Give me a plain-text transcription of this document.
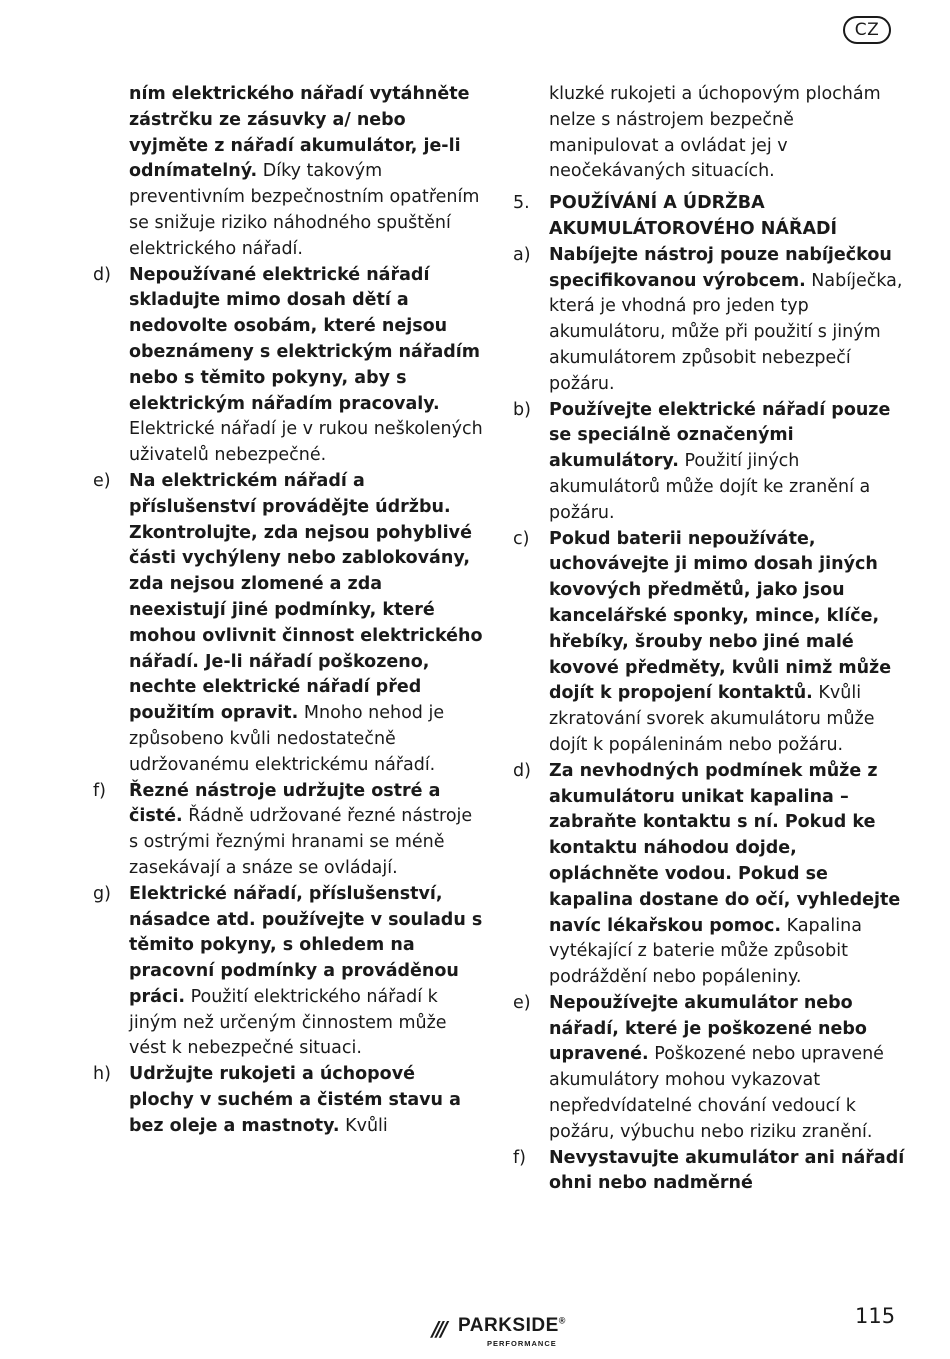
CZ

ním elektrického nářadí vytáhněte zástrčku ze zásuvky a/ nebo vyjměte z nářadí akumulátor, je-li odnímatelný. Díky takovým preventivním bezpečnostním opatřením se snižuje riziko náhodného spuštění elektrického nářadí.

d) Nepoužívané elektrické nářadí skladujte mimo dosah dětí a nedovolte osobám, které nejsou obeznámeny s elektrickým nářadím nebo s těmito pokyny, aby s elektrickým nářadím pracovaly. Elektrické nářadí je v rukou neškolených uživatelů nebezpečné.
e) Na elektrickém nářadí a příslušenství provádějte údržbu. Zkontrolujte, zda nejsou pohyblivé části vychýleny nebo zablokovány, zda nejsou zlomené a zda neexistují jiné podmínky, které mohou ovlivnit činnost elektrického nářadí. Je-li nářadí poškozeno, nechte elektrické nářadí před použitím opravit. Mnoho nehod je způsobeno kvůli nedostatečně udržovanému elektrickému nářadí.
f) Řezné nástroje udržujte ostré a čisté. Řádně udržované řezné nástroje s ostrými řeznými hranami se méně zasekávají a snáze se ovládají.
g) Elektrické nářadí, příslušenství, násadce atd. používejte v souladu s těmito pokyny, s ohledem na pracovní podmínky a prováděnou práci. Použití elektrického nářadí k jiným než určeným činnostem může vést k nebezpečné situaci.
h) Udržujte rukojeti a úchopové plochy v suchém a čistém stavu a bez oleje a mastnoty. Kvůli

kluzké rukojeti a úchopovým plochám nelze s nástrojem bezpečně manipulovat a ovládat jej v neočekávaných situacích.

5. POUŽÍVÁNÍ A ÚDRŽBA AKUMULÁTOROVÉHO NÁŘADÍ
a) Nabíjejte nástroj pouze nabíječkou specifikovanou výrobcem. Nabíječka, která je vhodná pro jeden typ akumulátoru, může při použití s jiným akumulátorem způsobit nebezpečí požáru.
b) Používejte elektrické nářadí pouze se speciálně označenými akumulátory. Použití jiných akumulátorů může dojít ke zranění a požáru.
c) Pokud baterii nepoužíváte, uchovávejte ji mimo dosah jiných kovových předmětů, jako jsou kancelářské sponky, mince, klíče, hřebíky, šrouby nebo jiné malé kovové předměty, kvůli nimž může dojít k propojení kontaktů. Kvůli zkratování svorek akumulátoru může dojít k popáleninám nebo požáru.
d) Za nevhodných podmínek může z akumulátoru unikat kapalina – zabraňte kontaktu s ní. Pokud ke kontaktu náhodou dojde, opláchněte vodou. Pokud se kapalina dostane do očí, vyhledejte navíc lékařskou pomoc. Kapalina vytékající z baterie může způsobit podráždění nebo popáleniny.
e) Nepoužívejte akumulátor nebo nářadí, které je poškozené nebo upravené. Poškozené nebo upravené akumulátory mohou vykazovat nepředvídatelné chování vedoucí k požáru, výbuchu nebo riziku zranění.
f) Nevystavujte akumulátor ani nářadí ohni nebo nadměrné
/// PARKSIDE®
PERFORMANCE
115
